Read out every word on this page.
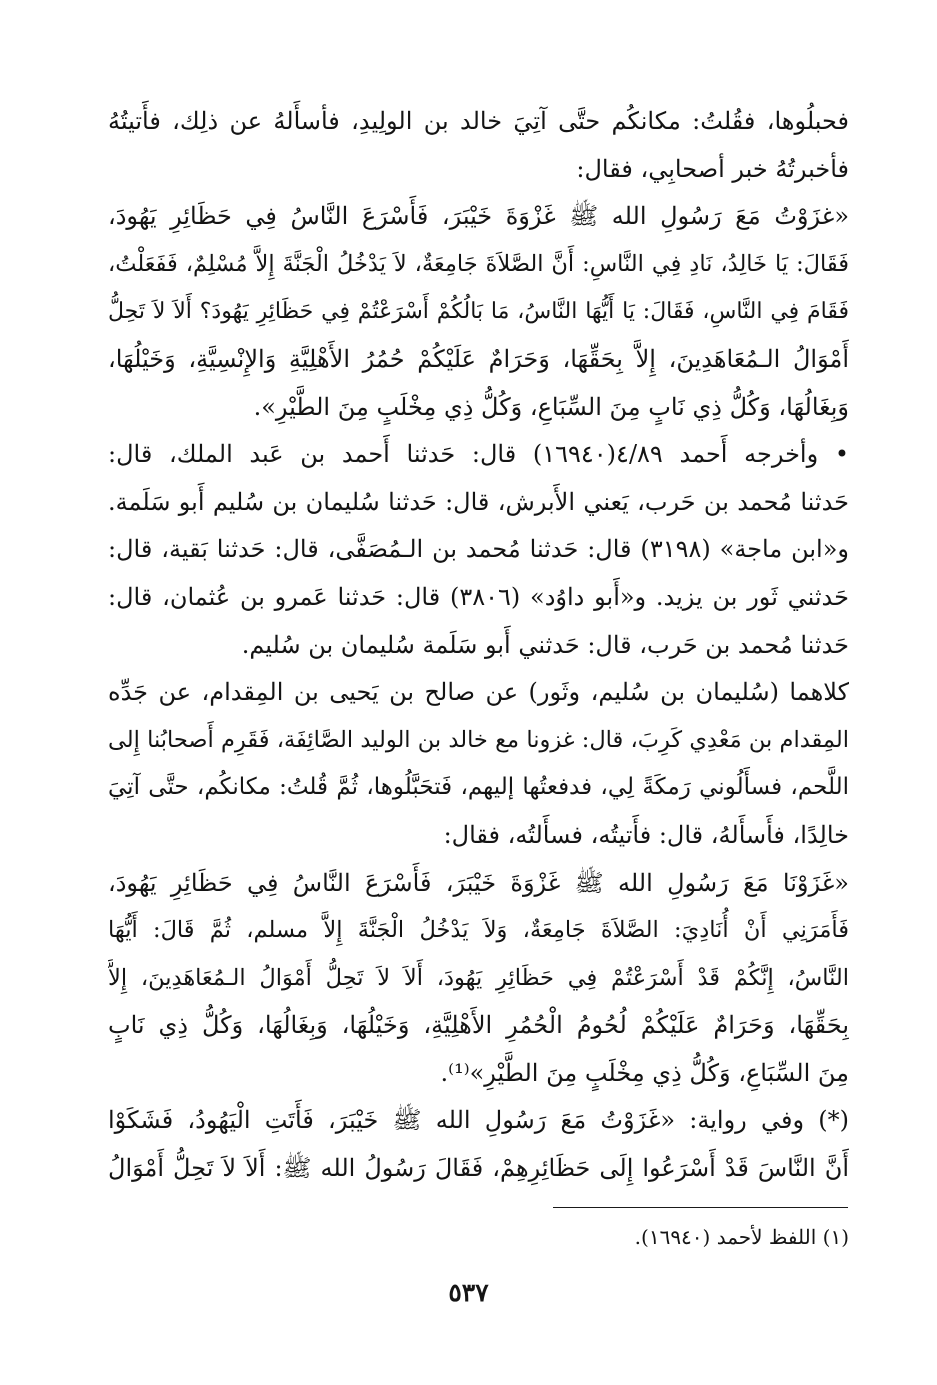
فحبلُوها، فقُلتُ: مكانكُم حتَّى آتِيَ خالد بن الولِيدِ، فأسأَلهُ عن ذلِك، فأَتيتُهُ
فأخبرتُهُ خبر أصحابِي، فقال:
«غزَوْتُ مَعَ رَسُولِ الله ﷺ غَزْوَةَ خَيْبَرَ، فَأَسْرَعَ النَّاسُ فِي حَظَائِرِ يَهُودَ،
فَقَالَ: يَا خَالِدُ، نَادِ فِي النَّاسِ: أَنَّ الصَّلاَةَ جَامِعَةٌ، لاَ يَدْخُلُ الْجَنَّةَ إِلاَّ مُسْلِمٌ، فَفَعَلْتُ،
فَقَامَ فِي النَّاسِ، فَقَالَ: يَا أَيُّهَا النَّاسُ، مَا بَالُكُمْ أَسْرَعْتُمْ فِي حَظَائِرِ يَهُودَ؟ أَلاَ لاَ تَحِلُّ
أَمْوَالُ الـمُعَاهَدِينَ، إِلاَّ بِحَقِّهَا، وَحَرَامٌ عَلَيْكُمْ حُمُرُ الأَهْلِيَّةِ وَالإِنْسِيَّةِ، وَخَيْلُهَا،
وَبِغَالُهَا، وَكُلُّ ذِي نَابٍ مِنَ السِّبَاعِ، وَكُلُّ ذِي مِخْلَبٍ مِنَ الطَّيْرِ».
• وأخرجه أَحمد ٤/٨٩(١٦٩٤٠) قال: حَدثنا أَحمد بن عَبد الملك، قال:
حَدثنا مُحمد بن حَرب، يَعني الأَبرش، قال: حَدثنا سُليمان بن سُليم أَبو سَلَمة.
و«ابن ماجة» (٣١٩٨) قال: حَدثنا مُحمد بن الـمُصَفَّى، قال: حَدثنا بَقية، قال:
حَدثني ثَور بن يزيد. و«أَبو داوُد» (٣٨٠٦) قال: حَدثنا عَمرو بن عُثمان، قال:
حَدثنا مُحمد بن حَرب، قال: حَدثني أَبو سَلَمة سُليمان بن سُليم.
كلاهما (سُليمان بن سُليم، وثَور) عن صالح بن يَحيى بن المِقدام، عن جَدِّه
المِقدام بن مَعْدِي كَرِبَ، قال: غزونا مع خالد بن الوليد الصَّائِفَة، فَقَرِم أَصحابُنا إِلى
اللَّحم، فسأَلُوني رَمكَةً لِي، فدفعتُها إليهم، فَتحَبَّلُوها، ثُمَّ قُلتُ: مكانكُم، حتَّى آتِيَ
خالِدًا، فأَسأَلهُ، قال: فأَتيتُه، فسأَلتُه، فقال:
«غَزَوْنَا مَعَ رَسُولِ الله ﷺ غَزْوَةَ خَيْبَرَ، فَأَسْرَعَ النَّاسُ فِي حَظَائِرِ يَهُودَ،
فَأَمَرَنِي أَنْ أُنَادِيَ: الصَّلاَةَ جَامِعَةٌ، وَلاَ يَدْخُلُ الْجَنَّةَ إِلاَّ مسلم، ثُمَّ قَالَ: أَيُّهَا
النَّاسُ، إِنَّكُمْ قَدْ أَسْرَعْتُمْ فِي حَظَائِرِ يَهُودَ، أَلاَ لاَ تَحِلُّ أَمْوَالُ الـمُعَاهَدِينَ، إِلاَّ
بِحَقِّهَا، وَحَرَامٌ عَلَيْكُمْ لُحُومُ الْحُمُرِ الأَهْلِيَّةِ، وَخَيْلُهَا، وَبِغَالُهَا، وَكُلُّ ذِي نَابٍ
مِنَ السِّبَاعِ، وَكُلُّ ذِي مِخْلَبٍ مِنَ الطَّيْرِ»⁽¹⁾.
(*) وفي رواية: «غَزَوْتُ مَعَ رَسُولِ الله ﷺ خَيْبَرَ، فَأَتَتِ الْيَهُودُ، فَشَكَوْا
أَنَّ النَّاسَ قَدْ أَسْرَعُوا إِلَى حَظَائِرِهِمْ، فَقَالَ رَسُولُ الله ﷺ: أَلاَ لاَ تَحِلُّ أَمْوَالُ
(١) اللفظ لأحمد (١٦٩٤٠).
٥٣٧
